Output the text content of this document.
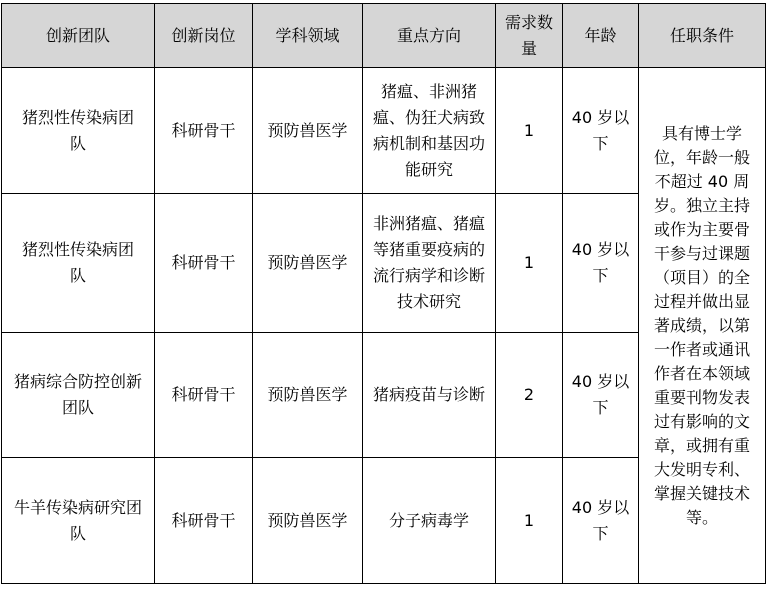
创新团队	创新岗位	学科领域	重点方向	需求数量	年龄	任职条件
猪烈性传染病团队	科研骨干	预防兽医学	猪瘟、非洲猪瘟、伪狂犬病致病机制和基因功能研究	1	40 岁以下	具有博士学位，年龄一般不超过 40 周岁。独立主持或作为主要骨干参与过课题（项目）的全过程并做出显著成绩，以第一作者或通讯作者在本领域重要刊物发表过有影响的文章，或拥有重大发明专利、掌握关键技术等。
猪烈性传染病团队	科研骨干	预防兽医学	非洲猪瘟、猪瘟等猪重要疫病的流行病学和诊断技术研究	1	40 岁以下	
猪病综合防控创新团队	科研骨干	预防兽医学	猪病疫苗与诊断	2	40 岁以下	
牛羊传染病研究团队	科研骨干	预防兽医学	分子病毒学	1	40 岁以下	
